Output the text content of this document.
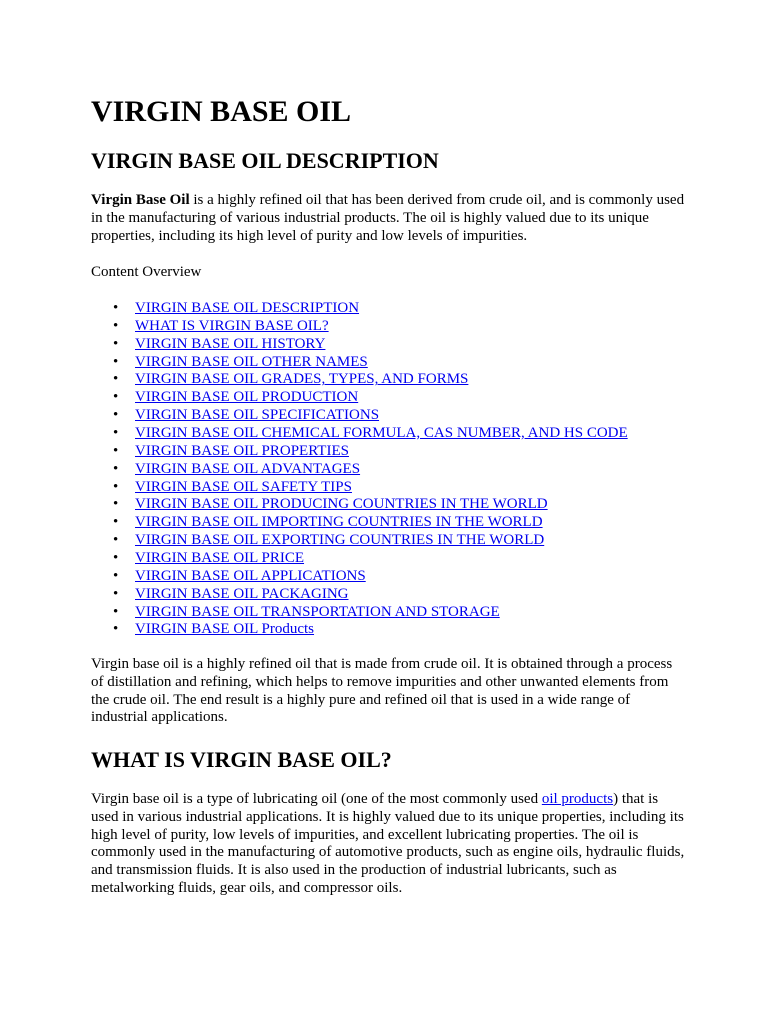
VIRGIN BASE OIL
VIRGIN BASE OIL DESCRIPTION

Virgin Base Oil is a highly refined oil that has been derived from crude oil, and is commonly used in the manufacturing of various industrial products. The oil is highly valued due to its unique properties, including its high level of purity and low levels of impurities.

Content Overview

• VIRGIN BASE OIL DESCRIPTION
• WHAT IS VIRGIN BASE OIL?
• VIRGIN BASE OIL HISTORY
• VIRGIN BASE OIL OTHER NAMES
• VIRGIN BASE OIL GRADES, TYPES, AND FORMS
• VIRGIN BASE OIL PRODUCTION
• VIRGIN BASE OIL SPECIFICATIONS
• VIRGIN BASE OIL CHEMICAL FORMULA, CAS NUMBER, AND HS CODE
• VIRGIN BASE OIL PROPERTIES
• VIRGIN BASE OIL ADVANTAGES
• VIRGIN BASE OIL SAFETY TIPS
• VIRGIN BASE OIL PRODUCING COUNTRIES IN THE WORLD
• VIRGIN BASE OIL IMPORTING COUNTRIES IN THE WORLD
• VIRGIN BASE OIL EXPORTING COUNTRIES IN THE WORLD
• VIRGIN BASE OIL PRICE
• VIRGIN BASE OIL APPLICATIONS
• VIRGIN BASE OIL PACKAGING
• VIRGIN BASE OIL TRANSPORTATION AND STORAGE
• VIRGIN BASE OIL Products

Virgin base oil is a highly refined oil that is made from crude oil. It is obtained through a process of distillation and refining, which helps to remove impurities and other unwanted elements from the crude oil. The end result is a highly pure and refined oil that is used in a wide range of industrial applications.

WHAT IS VIRGIN BASE OIL?

Virgin base oil is a type of lubricating oil (one of the most commonly used oil products) that is used in various industrial applications. It is highly valued due to its unique properties, including its high level of purity, low levels of impurities, and excellent lubricating properties. The oil is commonly used in the manufacturing of automotive products, such as engine oils, hydraulic fluids, and transmission fluids. It is also used in the production of industrial lubricants, such as metalworking fluids, gear oils, and compressor oils.
